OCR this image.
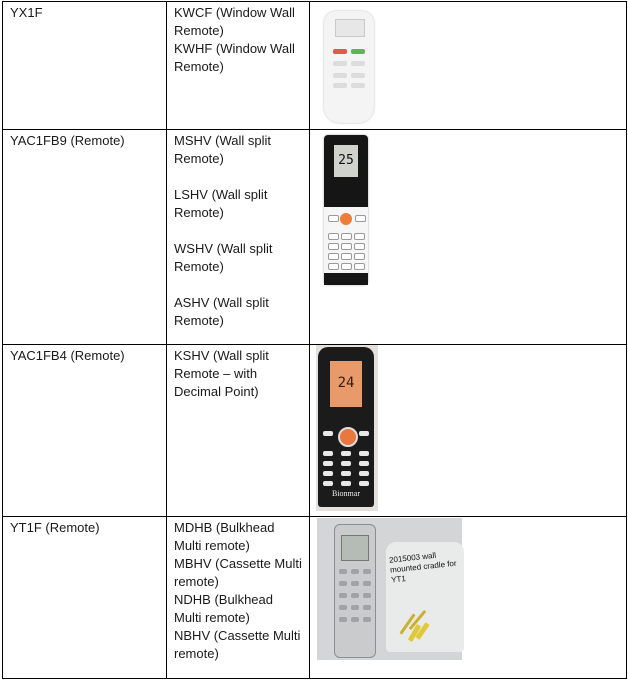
YX1F	KWCF (Window Wall Remote)

KWHF (Window Wall Remote)	

YAC1FB9 (Remote)	MSHV (Wall split Remote)

LSHV (Wall split Remote)

WSHV (Wall split Remote)

ASHV (Wall split Remote)	25

YAC1FB4 (Remote)	KSHV (Wall split Remote – with Decimal Point)	24
Bionmar

YT1F (Remote)	MDHB (Bulkhead Multi remote)

MBHV (Cassette Multi remote)

NDHB (Bulkhead Multi remote)

NBHV (Cassette Multi remote)	2015003 wall mounted cradle for YT1
